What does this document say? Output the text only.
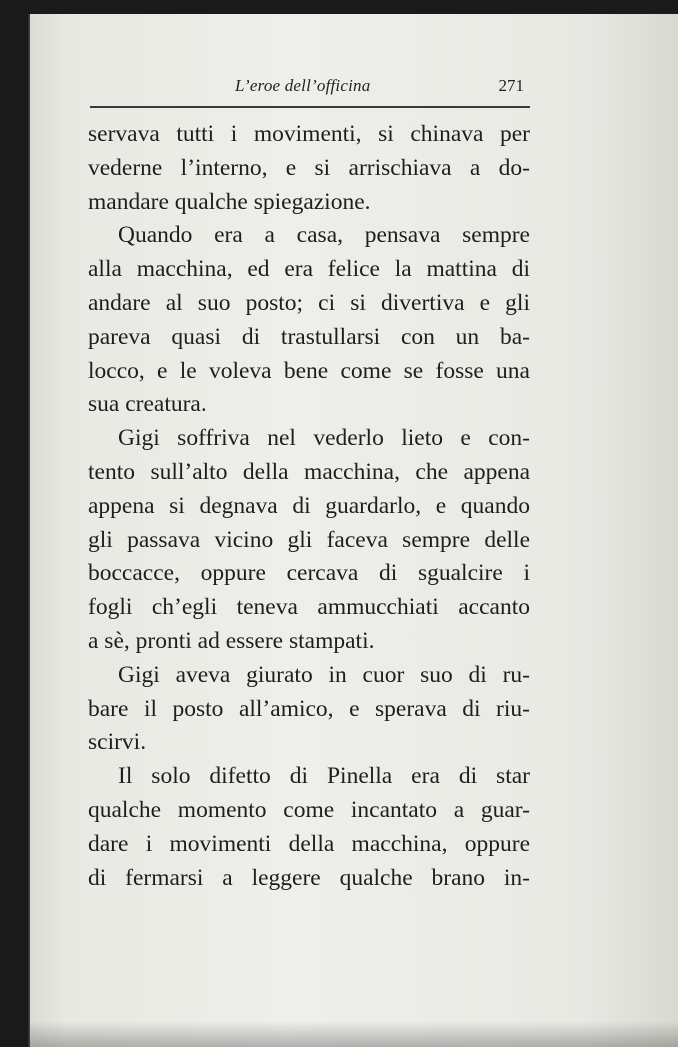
L’eroe dell’officina	271
servava tutti i movimenti, si chinava per
vederne l’interno, e si arrischiava a do-
mandare qualche spiegazione.
Quando era a casa, pensava sempre
alla macchina, ed era felice la mattina di
andare al suo posto; ci si divertiva e gli
pareva quasi di trastullarsi con un ba-
locco, e le voleva bene come se fosse una
sua creatura.
Gigi soffriva nel vederlo lieto e con-
tento sull’alto della macchina, che appena
appena si degnava di guardarlo, e quando
gli passava vicino gli faceva sempre delle
boccacce, oppure cercava di sgualcire i
fogli ch’egli teneva ammucchiati accanto
a sè, pronti ad essere stampati.
Gigi aveva giurato in cuor suo di ru-
bare il posto all’amico, e sperava di riu-
scirvi.
Il solo difetto di Pinella era di star
qualche momento come incantato a guar-
dare i movimenti della macchina, oppure
di fermarsi a leggere qualche brano in-
